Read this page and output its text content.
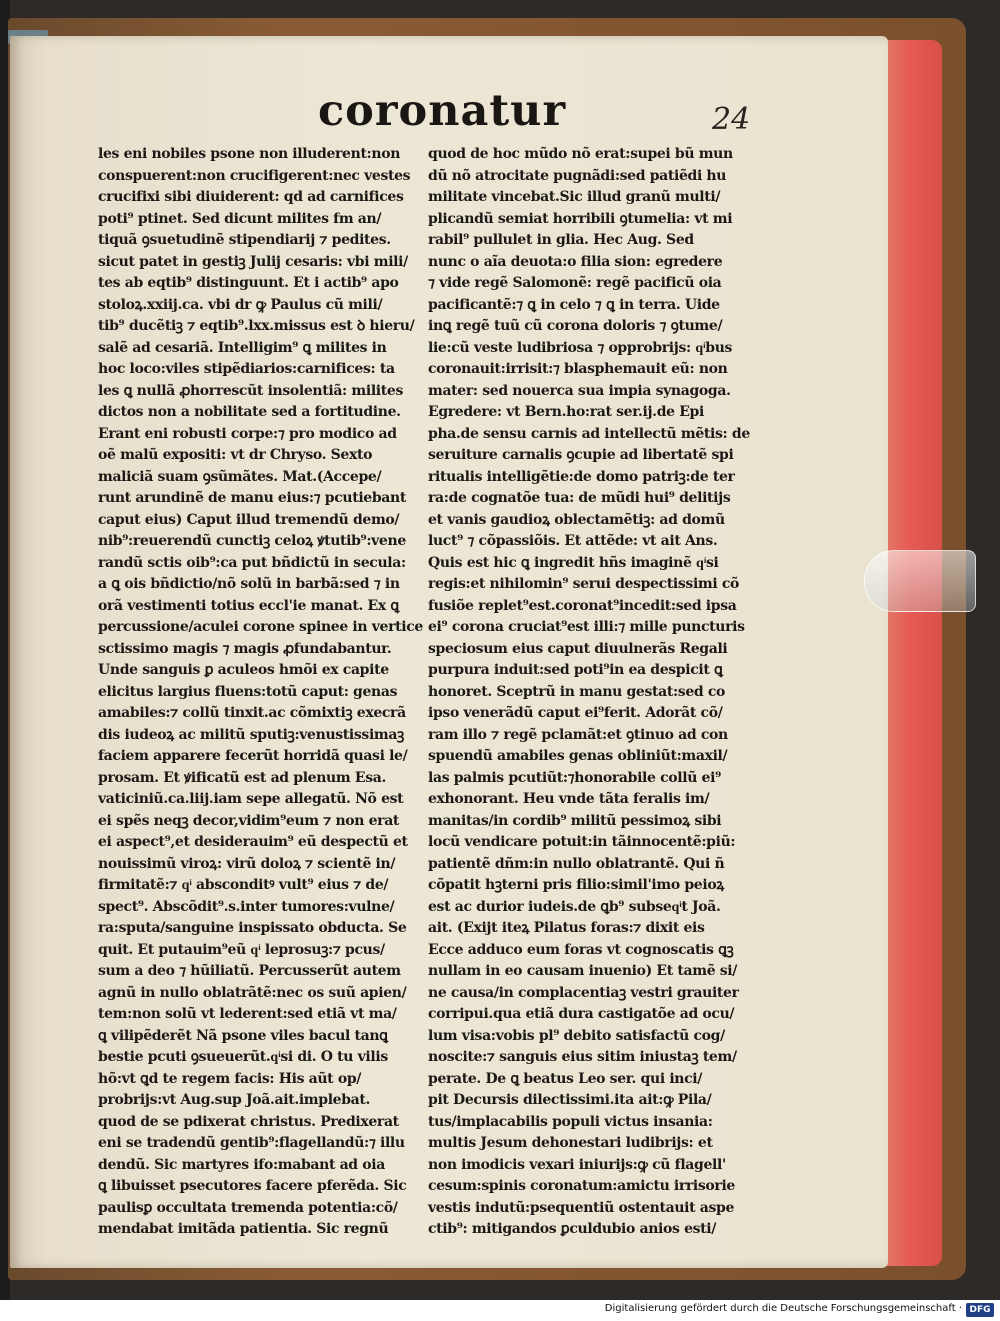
coronatur	24
les eni nobiles psone non illuderent:non
conspuerent:non crucifigerent:nec vestes
crucifixi sibi diuiderent: qd ad carnifices
poti⁹ ptinet. Sed dicunt milites fm an/
tiquã ꝯsuetudinẽ stipendiarij ⁊ pedites.
sicut patet in gestiꝫ Julij cesaris: vbi mili/
tes ab eqtib⁹ distinguunt. Et i actib⁹ apo
stoloꝝ.xxiij.ca. vbi dr ꝙ Paulus cũ mili/
tib⁹ ducẽtiꝫ ⁊ eqtib⁹.lxx.missus est ꝺ hieru/
salẽ ad cesariã. Intelligim⁹ ꝗ milites in
hoc loco:viles stipẽdiarios:carnifices: ta
les ꝗ nullã ꝓhorrescũt insolentiã: milites
dictos non a nobilitate sed a fortitudine.
Erant eni robusti corpe:⁊ pro modico ad
oẽ malũ expositi: vt dr Chryso. Sexto
maliciã suam ꝯsũmãtes. Mat.(Accepe/
runt arundinẽ de manu eius:⁊ pcutiebant
caput eius) Caput illud tremendũ demo/
nib⁹:reuerendũ cunctiꝫ celoꝝ ꝟtutib⁹:vene
randũ sctis oib⁹:ca put bñdictũ in secula:
a ꝗ ois bñdictio/nõ solũ in barbã:sed ⁊ in
orã vestimenti totius eccl'ie manat. Ex ꝗ
percussione/aculei corone spinee in vertice
sctissimo magis ⁊ magis ꝓfundabantur.
Unde sanguis ꝑ aculeos hmõi ex capite
elicitus largius fluens:totũ caput: genas
amabiles:⁊ collũ tinxit.ac cõmixtiꝫ execrã
dis iudeoꝝ ac militũ sputiꝫ:venustissimaꝫ
faciem apparere fecerũt horridã quasi le/
prosam. Et ꝟificatũ est ad plenum Esa.
vaticiniũ.ca.liij.iam sepe allegatũ. Nõ est
ei spẽs neqꝫ decor,vidim⁹eum ⁊ non erat
ei aspect⁹,et desiderauim⁹ eũ despectũ et
nouissimũ viroꝝ: virũ doloꝝ ⁊ scientẽ in/
firmitatẽ:⁊ qͥ absconditꝰ vult⁹ eius ⁊ de/
spect⁹. Abscõdit⁹.s.inter tumores:vulne/
ra:sputa/sanguine inspissato obducta. Se
quit. Et putauim⁹eũ qͥ leprosuꝫ:⁊ pcus/
sum a deo ⁊ hũiliatũ. Percusserũt autem
agnũ in nullo oblatrãtẽ:nec os suũ apien/
tem:non solũ vt lederent:sed etiã vt ma/
ꝗ vilipẽderẽt Nã psone viles bacul tanꝗ
bestie pcuti ꝯsueuerũt.qͥsi di. O tu vilis
hõ:vt ꝗd te regem facis: His aũt op/
probrijs:vt Aug.sup Joã.ait.implebat.
quod de se pdixerat christus. Predixerat
eni se tradendũ gentib⁹:flagellandũ:⁊ illu
dendũ. Sic martyres ifo:mabant ad oia
ꝗ libuisset psecutores facere pferẽda. Sic
paulisꝑ occultata tremenda potentia:cõ/
mendabat imitãda patientia. Sic regnũ
quod de hoc mũdo nõ erat:supei bũ mun
dũ nõ atrocitate pugnãdi:sed patiẽdi hu
militate vincebat.Sic illud granũ multi/
plicandũ semiat horribili ꝯtumelia: vt mi
rabil⁹ pullulet in glia. Hec Aug. Sed
nunc o aĩa deuota:o filia sion: egredere
⁊ vide regẽ Salomonẽ: regẽ pacificũ oia
pacificantẽ:⁊ ꝗ in celo ⁊ ꝗ in terra. Uide
inꝗ regẽ tuũ cũ corona doloris ⁊ ꝯtume/
lie:cũ veste ludibriosa ⁊ opprobrijs: qͥbus
coronauit:irrisit:⁊ blasphemauit eũ: non
mater: sed nouerca sua impia synagoga.
Egredere: vt Bern.ho:rat ser.ij.de Epi
pha.de sensu carnis ad intellectũ mẽtis: de
seruiture carnalis ꝯcupie ad libertatẽ spi
ritualis intelligẽtie:de domo patriꝫ:de ter
ra:de cognatõe tua: de mũdi hui⁹ delitijs
et vanis gaudioꝝ oblectamẽtiꝫ: ad domũ
luct⁹ ⁊ cõpassiõis. Et attẽde: vt ait Ans.
Quis est hic ꝗ ingredit hñs imaginẽ qͥsi
regis:et nihilomin⁹ serui despectissimi cõ
fusiõe replet⁹est.coronat⁹incedit:sed ipsa
ei⁹ corona cruciat⁹est illi:⁊ mille puncturis
speciosum eius caput diuulnerãs Regali
purpura induit:sed poti⁹in ea despicit ꝗ
honoret. Sceptrũ in manu gestat:sed co
ipso venerãdũ caput ei⁹ferit. Adorãt cõ/
ram illo ⁊ regẽ pclamãt:et ꝯtinuo ad con
spuendũ amabiles genas obliniũt:maxil/
las palmis pcutiũt:⁊honorabile collũ ei⁹
exhonorant. Heu vnde tãta feralis im/
manitas/in cordib⁹ militũ pessimoꝝ sibi
locũ vendicare potuit:in tãinnocentẽ:piũ:
patientẽ dñm:in nullo oblatrantẽ. Qui ñ
cõpatit hꝫterni pris filio:simil'imo peioꝝ
est ac durior iudeis.de ꝗb⁹ subseqͥt Joã.
ait. (Exijt iteꝝ Pilatus foras:⁊ dixit eis
Ecce adduco eum foras vt cognoscatis ꝗꝫ
nullam in eo causam inuenio) Et tamẽ si/
ne causa/in complacentiaꝫ vestri grauiter
corripui.qua etiã dura castigatõe ad ocu/
lum visa:vobis pl⁹ debito satisfactũ cog/
noscite:⁊ sanguis eius sitim iniustaꝫ tem/
perate. De ꝗ beatus Leo ser. qui inci/
pit Decursis dilectissimi.ita ait:ꝙ Pila/
tus/implacabilis populi victus insania:
multis Jesum dehonestari ludibrijs: et
non imodicis vexari iniurijs:ꝙ cũ flagell'
cesum:spinis coronatum:amictu irrisorie
vestis indutũ:psequentiũ ostentauit aspe
ctib⁹: mitigandos ꝑculdubio anios esti/
Digitalisierung gefördert durch die Deutsche Forschungsgemeinschaft · DFG
